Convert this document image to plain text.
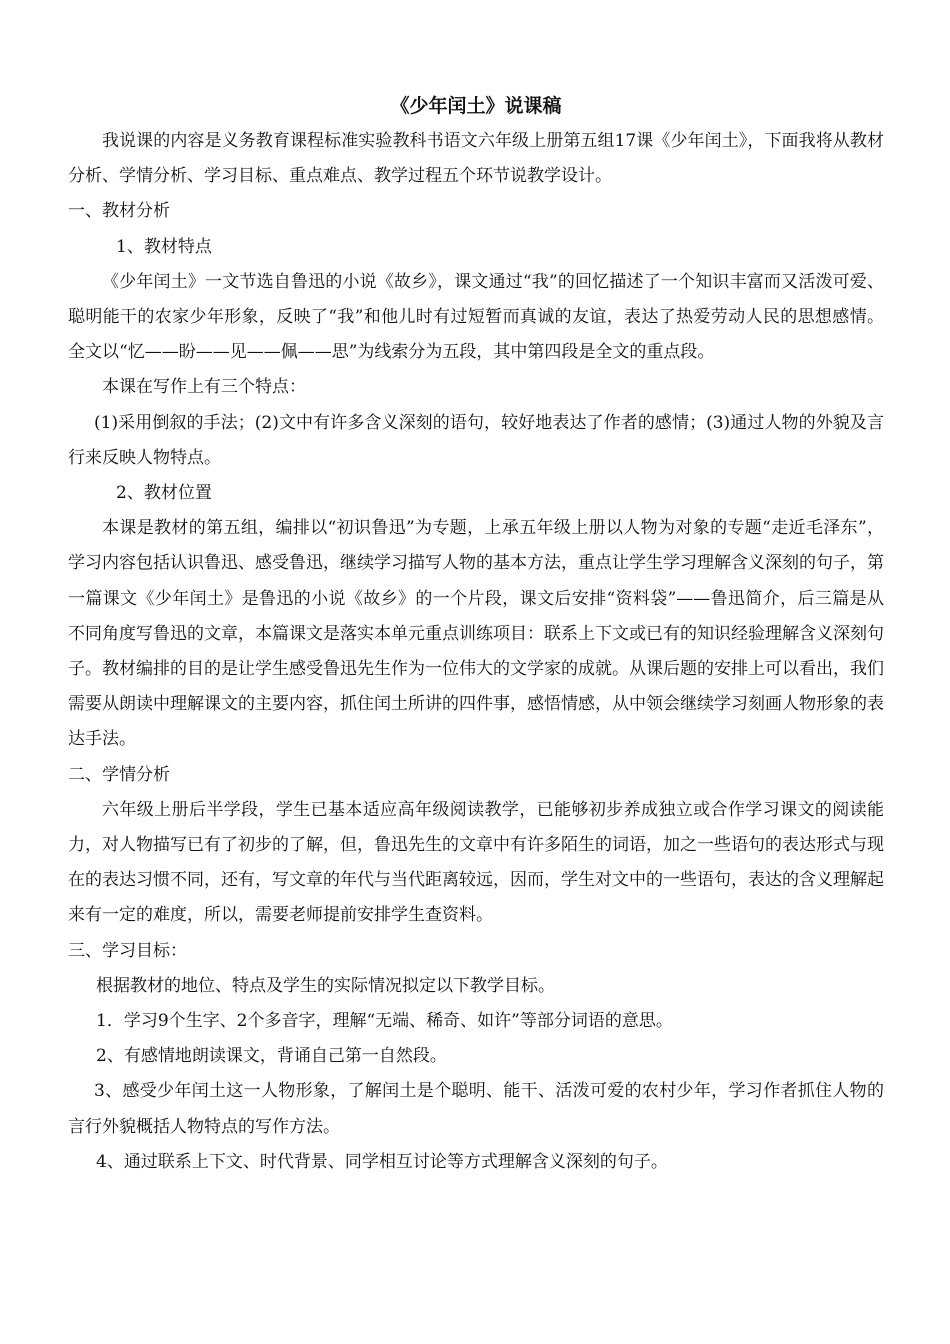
《少年闰土》说课稿

我说课的内容是义务教育课程标准实验教科书语文六年级上册第五组17课《少年闰土》，下面我将从教材分析、学情分析、学习目标、重点难点、教学过程五个环节说教学设计。

一、教材分析

1、教材特点

《少年闰土》一文节选自鲁迅的小说《故乡》，课文通过“我”的回忆描述了一个知识丰富而又活泼可爱、聪明能干的农家少年形象，反映了“我”和他儿时有过短暂而真诚的友谊，表达了热爱劳动人民的思想感情。全文以“忆——盼——见——佩——思”为线索分为五段，其中第四段是全文的重点段。

本课在写作上有三个特点：

(1)采用倒叙的手法；(2)文中有许多含义深刻的语句，较好地表达了作者的感情；(3)通过人物的外貌及言行来反映人物特点。

2、教材位置

本课是教材的第五组，编排以“初识鲁迅”为专题，上承五年级上册以人物为对象的专题“走近毛泽东”，学习内容包括认识鲁迅、感受鲁迅，继续学习描写人物的基本方法，重点让学生学习理解含义深刻的句子，第一篇课文《少年闰土》是鲁迅的小说《故乡》的一个片段，课文后安排“资料袋”——鲁迅简介，后三篇是从不同角度写鲁迅的文章，本篇课文是落实本单元重点训练项目：联系上下文或已有的知识经验理解含义深刻句子。教材编排的目的是让学生感受鲁迅先生作为一位伟大的文学家的成就。从课后题的安排上可以看出，我们需要从朗读中理解课文的主要内容，抓住闰土所讲的四件事，感悟情感，从中领会继续学习刻画人物形象的表达手法。

二、学情分析

六年级上册后半学段，学生已基本适应高年级阅读教学，已能够初步养成独立或合作学习课文的阅读能力，对人物描写已有了初步的了解，但，鲁迅先生的文章中有许多陌生的词语，加之一些语句的表达形式与现在的表达习惯不同，还有，写文章的年代与当代距离较远，因而，学生对文中的一些语句，表达的含义理解起来有一定的难度，所以，需要老师提前安排学生查资料。

三、学习目标：

根据教材的地位、特点及学生的实际情况拟定以下教学目标。

1．学习9个生字、2个多音字，理解“无端、稀奇、如许”等部分词语的意思。

2、有感情地朗读课文，背诵自己第一自然段。

3、感受少年闰土这一人物形象，了解闰土是个聪明、能干、活泼可爱的农村少年，学习作者抓住人物的言行外貌概括人物特点的写作方法。

4、通过联系上下文、时代背景、同学相互讨论等方式理解含义深刻的句子。
